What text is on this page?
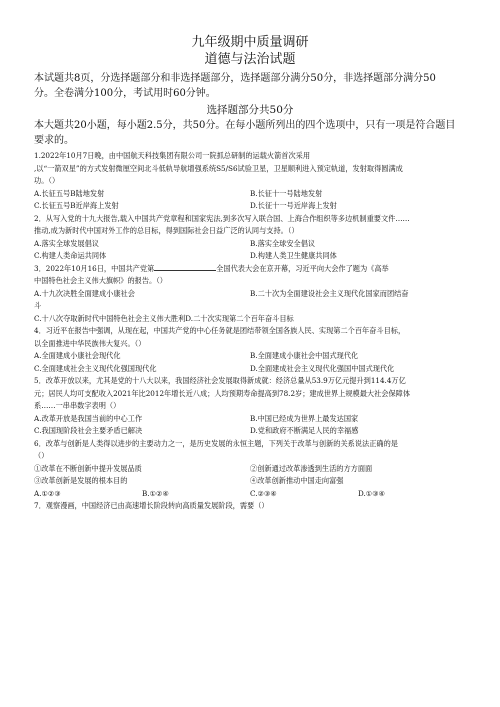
九年级期中质量调研

道德与法治试题

本试题共8页，分选择题部分和非选择题部分，选择题部分满分50分，非选择题部分满分50

分。全卷满分100分，考试用时60分钟。

选择题部分共50分

本大题共20小题，每小题2.5分，共50分。在每小题所列出的四个选项中，只有一项是符合题目

要求的。

1.2022年10月7日晚，由中国航天科技集团有限公司一院抓总研制的运载火箭首次采用

,以“一箭双星”的方式发射微厘空间北斗低轨导航增强系统S5/S6试验卫星，卫星顺利进入预定轨道，发射取得圆满成

功。（）

A.长征五号B陆地发射	B.长征十一号陆地发射
C.长征五号B近岸海上发射	D.长征十一号近岸海上发射

2．从写入党的十九大报告,载入中国共产党章程和国家宪法,到多次写入联合国、上海合作组织等多边机制重要文件……

推动,成为新时代中国对外工作的总目标，得到国际社会日益广泛的认同与支持。（）

A.落实全球发展倡议	B.落实全球安全倡议
C.构建人类命运共同体	D.构建人类卫生健康共同体

3．2022年10月16日，中国共产党第	全国代表大会在京开幕，习近平向大会作了题为《高举

中国特色社会主义伟大旗帜》的报告。（）

A.十九次决胜全面建成小康社会	B.二十次为全面建设社会主义现代化国家而团结奋

斗

C.十八次夺取新时代中国特色社会主义伟大胜利D.二十次实现第二个百年奋斗目标

4．习近平在报告中强调，从现在起，中国共产党的中心任务就是团结带领全国各族人民、实现第二个百年奋斗目标，

以全面推进中华民族伟大复兴。（）

A.全面建成小康社会现代化	B.全面建成小康社会中国式现代化
C.全面建成社会主义现代化强国现代化	D.全面建成社会主义现代化强国中国式现代化

5．改革开放以来，尤其是党的十八大以来，我国经济社会发展取得新成就：经济总量从53.9万亿元提升到114.4万亿

元；居民人均可支配收入2021年比2012年增长近八成；人均预期寿命提高到78.2岁；建成世界上规模最大社会保障体

系……一串串数字表明（）

A.改革开放是我国当前的中心工作	B.中国已经成为世界上最发达国家
C.我国现阶段社会主要矛盾已解决	D.党和政府不断满足人民的幸福感

6．改革与创新是人类得以进步的主要动力之一，是历史发展的永恒主题，下列关于改革与创新的关系说法正确的是

（）

①改革在不断创新中提升发展品质	②创新通过改革渗透到生活的方方面面
③改革创新是发展的根本目的	④改革创新推动中国走向富强
A.①②③	B.①②④	C.②③④	D.①③④

7．观察漫画，中国经济已由高速增长阶段转向高质量发展阶段，需要（）
